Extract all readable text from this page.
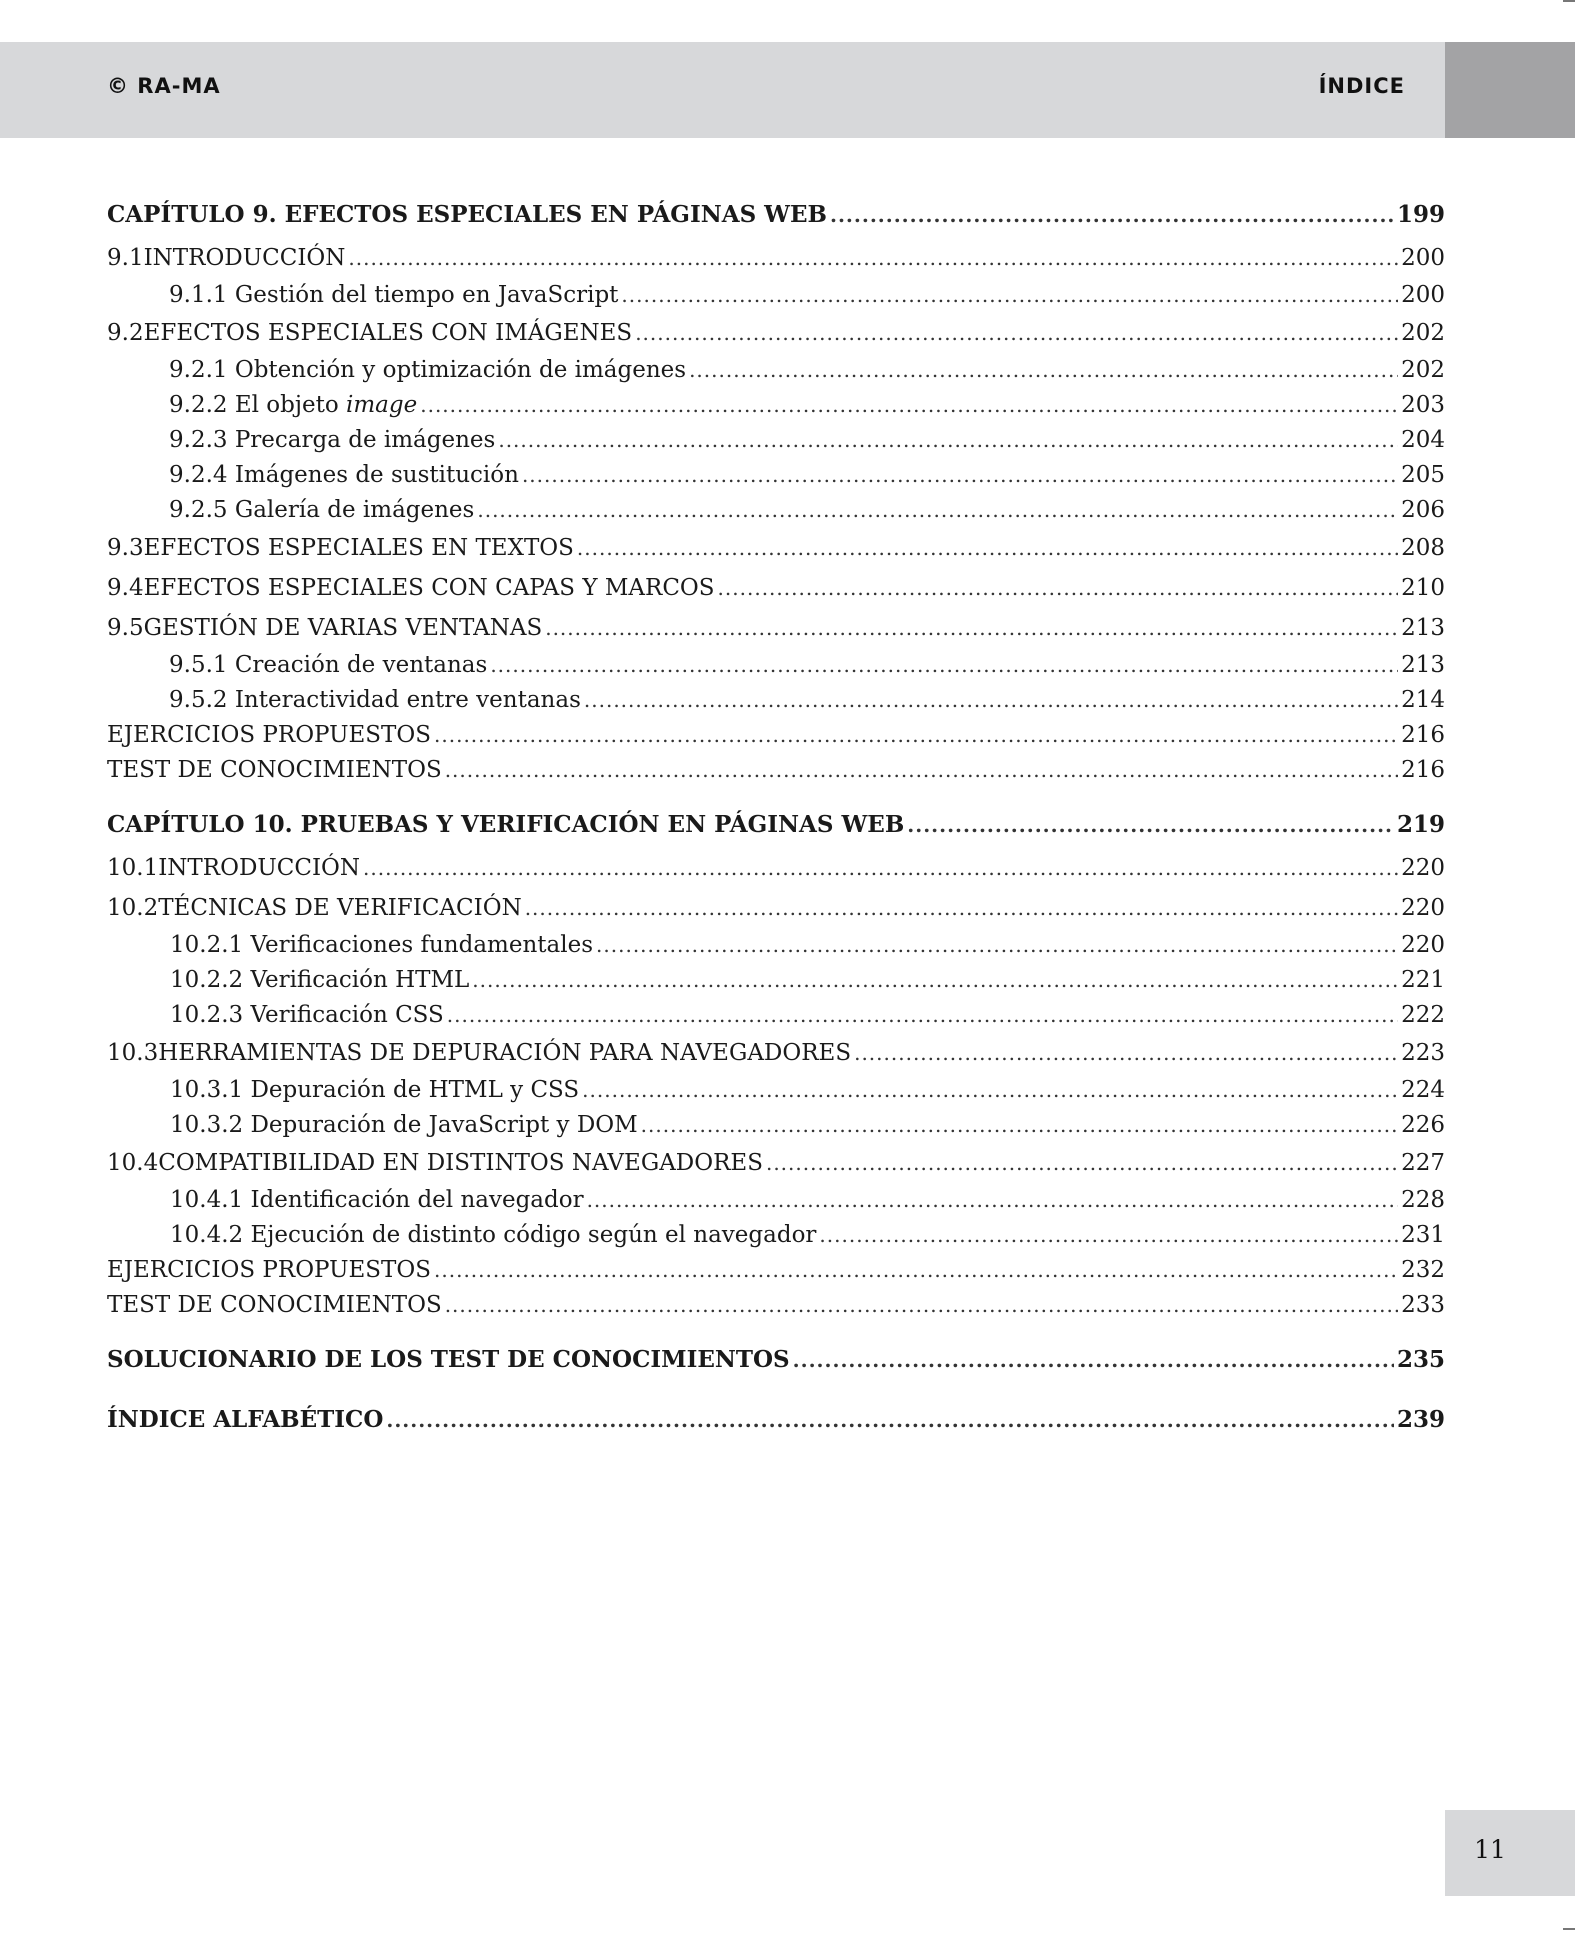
© RA-MA	ÍNDICE
CAPÍTULO 9. EFECTOS ESPECIALES EN PÁGINAS WEB .....	199
9.1 INTRODUCCIÓN .....	200
9.1.1 Gestión del tiempo en JavaScript .....	200
9.2 EFECTOS ESPECIALES CON IMÁGENES .....	202
9.2.1 Obtención y optimización de imágenes .....	202
9.2.2 El objeto image .....	203
9.2.3 Precarga de imágenes .....	204
9.2.4 Imágenes de sustitución .....	205
9.2.5 Galería de imágenes .....	206
9.3 EFECTOS ESPECIALES EN TEXTOS .....	208
9.4 EFECTOS ESPECIALES CON CAPAS Y MARCOS .....	210
9.5 GESTIÓN DE VARIAS VENTANAS .....	213
9.5.1 Creación de ventanas .....	213
9.5.2 Interactividad entre ventanas .....	214
EJERCICIOS PROPUESTOS .....	216
TEST DE CONOCIMIENTOS .....	216
CAPÍTULO 10. PRUEBAS Y VERIFICACIÓN EN PÁGINAS WEB .....	219
10.1 INTRODUCCIÓN .....	220
10.2 TÉCNICAS DE VERIFICACIÓN .....	220
10.2.1 Verificaciones fundamentales .....	220
10.2.2 Verificación HTML .....	221
10.2.3 Verificación CSS .....	222
10.3 HERRAMIENTAS DE DEPURACIÓN PARA NAVEGADORES .....	223
10.3.1 Depuración de HTML y CSS .....	224
10.3.2 Depuración de JavaScript y DOM .....	226
10.4 COMPATIBILIDAD EN DISTINTOS NAVEGADORES .....	227
10.4.1 Identificación del navegador .....	228
10.4.2 Ejecución de distinto código según el navegador .....	231
EJERCICIOS PROPUESTOS .....	232
TEST DE CONOCIMIENTOS .....	233
SOLUCIONARIO DE LOS TEST DE CONOCIMIENTOS .....	235
ÍNDICE ALFABÉTICO .....	239
11
